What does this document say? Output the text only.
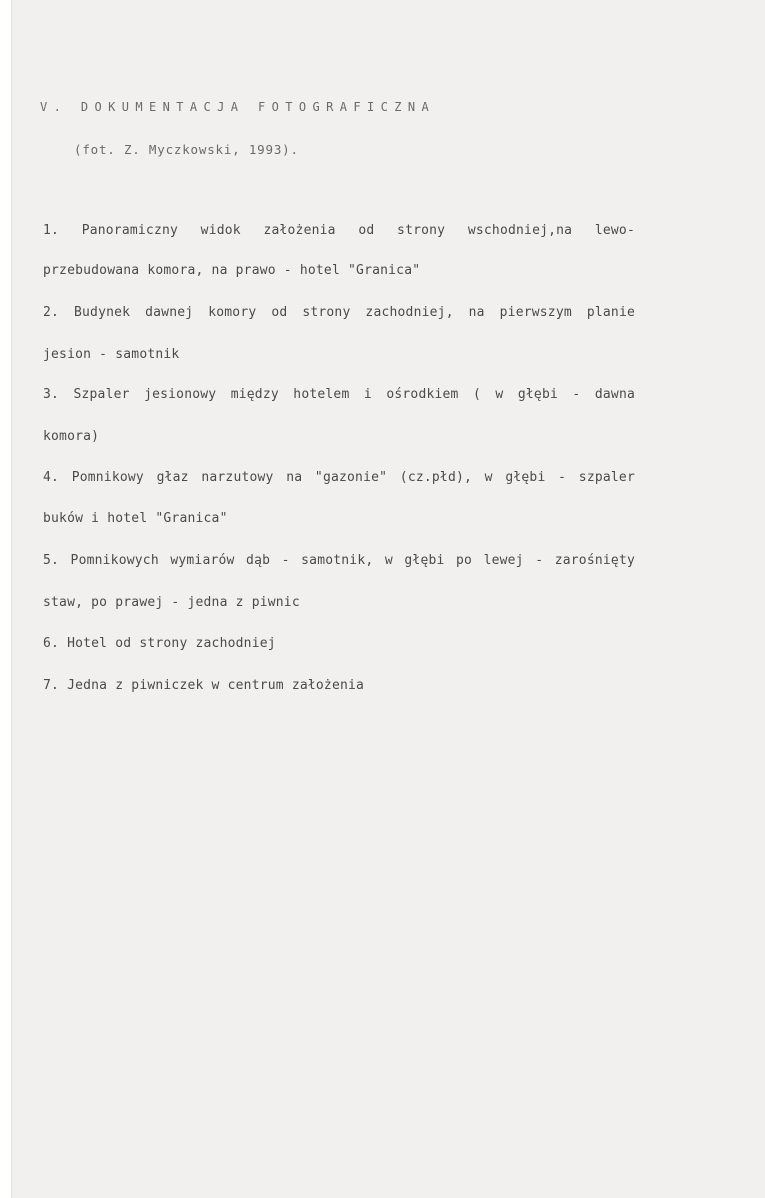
V. DOKUMENTACJA FOTOGRAFICZNA
(fot. Z. Myczkowski, 1993).
1. Panoramiczny widok założenia od strony wschodniej,na lewo-
przebudowana komora, na prawo - hotel "Granica"
2. Budynek dawnej komory od strony zachodniej, na pierwszym planie
jesion - samotnik
3. Szpaler jesionowy między hotelem i ośrodkiem ( w głębi - dawna
komora)
4. Pomnikowy głaz narzutowy na "gazonie" (cz.płd), w głębi - szpaler
buków i hotel "Granica"
5. Pomnikowych wymiarów dąb - samotnik, w głębi po lewej - zarośnięty
staw, po prawej - jedna z piwnic
6. Hotel od strony zachodniej
7. Jedna z piwniczek w centrum założenia
